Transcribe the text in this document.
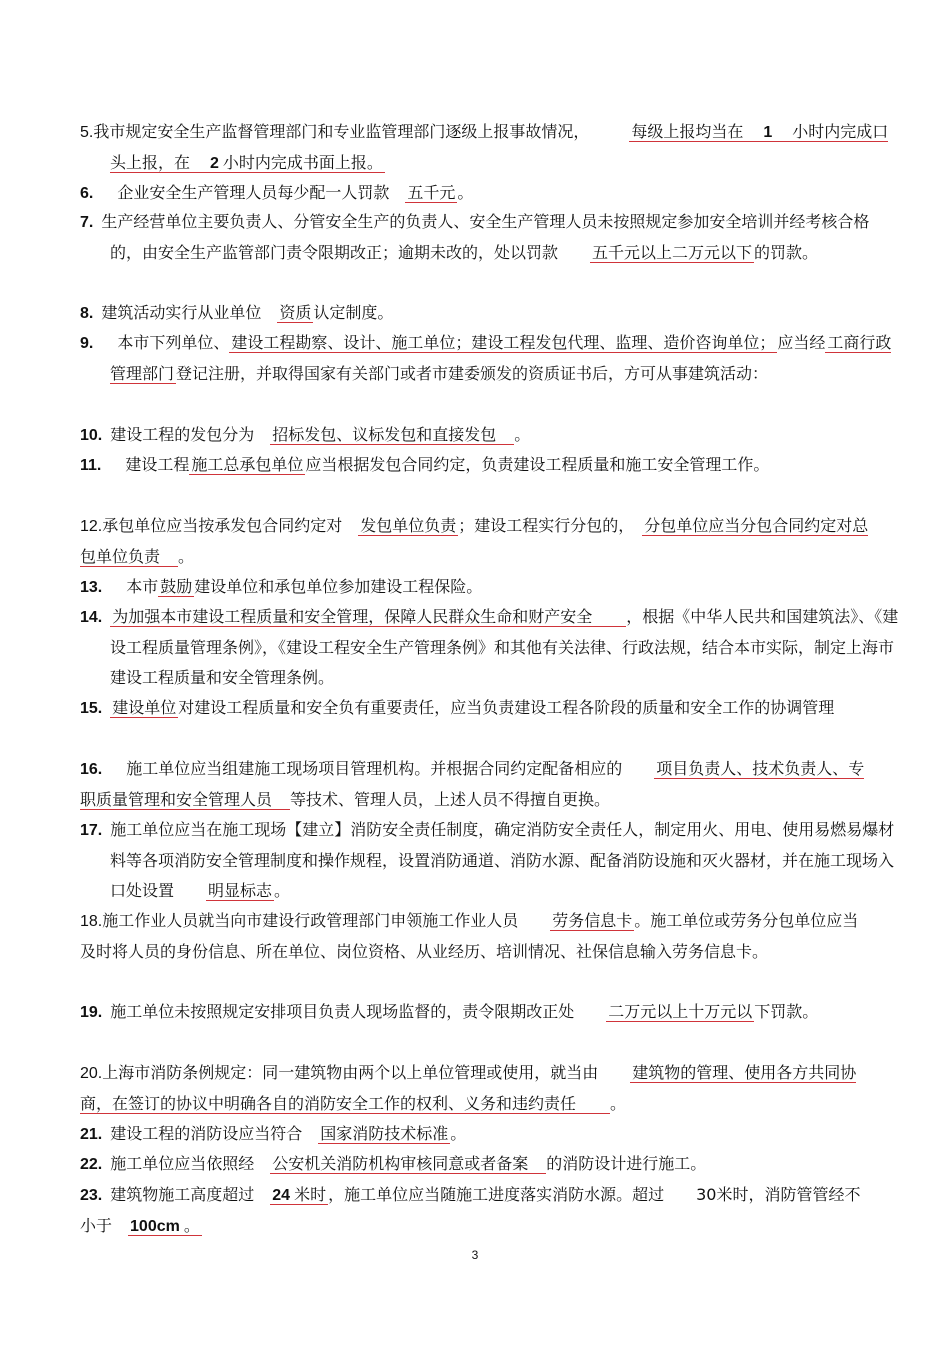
5.我市规定安全生产监督管理部门和专业监管理部门逐级上报事故情况，　　　每级上报均当在　1　小时内完成口头上报，在　2 小时内完成书面上报。
6.　企业安全生产管理人员每少配一人罚款　五千元 。
7. 生产经营单位主要负责人、分管安全生产的负责人、安全生产管理人员未按照规定参加安全培训并经考核合格的，由安全生产监管部门责令限期改正；逾期未改的，处以罚款　　五千元以上二万元以下 的罚款。
8. 建筑活动实行从业单位　资质 认定制度。
9.　本市下列单位、 建设工程勘察、设计、施工单位；建设工程发包代理、监理、造价咨询单位； 应当经 工商行政管理部门 登记注册，并取得国家有关部门或者市建委颁发的资质证书后，方可从事建筑活动：
10. 建设工程的发包分为　招标发包、议标发包和直接发包　。
11.　建设工程 施工总承包单位 应当根据发包合同约定，负责建设工程质量和施工安全管理工作。
12.承包单位应当按承发包合同约定对　发包单位负责 ；建设工程实行分包的，　分包单位应当分包合同约定对总包单位负责　。
13.　本市 鼓励 建设单位和承包单位参加建设工程保险。
14. 为加强本市建设工程质量和安全管理，保障人民群众生命和财产安全　　，根据《中华人民共和国建筑法》、《建设工程质量管理条例》，《建设工程安全生产管理条例》和其他有关法律、行政法规，结合本市实际，制定上海市建设工程质量和安全管理条例。
15. 建设单位 对建设工程质量和安全负有重要责任，应当负责建设工程各阶段的质量和安全工作的协调管理
16.　施工单位应当组建施工现场项目管理机构。并根据合同约定配备相应的　　项目负责人、技术负责人、专职质量管理和安全管理人员　等技术、管理人员，上述人员不得擅自更换。
17. 施工单位应当在施工现场【建立】消防安全责任制度，确定消防安全责任人，制定用火、用电、使用易燃易爆材料等各项消防安全管理制度和操作规程，设置消防通道、消防水源、配备消防设施和灭火器材，并在施工现场入口处设置　　明显标志 。
18.施工作业人员就当向市建设行政管理部门申领施工作业人员　　劳务信息卡 。施工单位或劳务分包单位应当及时将人员的身份信息、所在单位、岗位资格、从业经历、培训情况、社保信息输入劳务信息卡。
19. 施工单位未按照规定安排项目负责人现场监督的，责令限期改正处　　二万元以上十万元以 下罚款。
20.上海市消防条例规定：同一建筑物由两个以上单位管理或使用，就当由　　建筑物的管理、使用各方共同协商，在签订的协议中明确各自的消防安全工作的权利、义务和违约责任　　。
21. 建设工程的消防设应当符合　国家消防技术标准 。
22. 施工单位应当依照经　公安机关消防机构审核同意或者备案　的消防设计进行施工。
23. 建筑物施工高度超过　24 米时 ，施工单位应当随施工进度落实消防水源。超过　　30米时，消防管管经不小于　100cm 。
3
